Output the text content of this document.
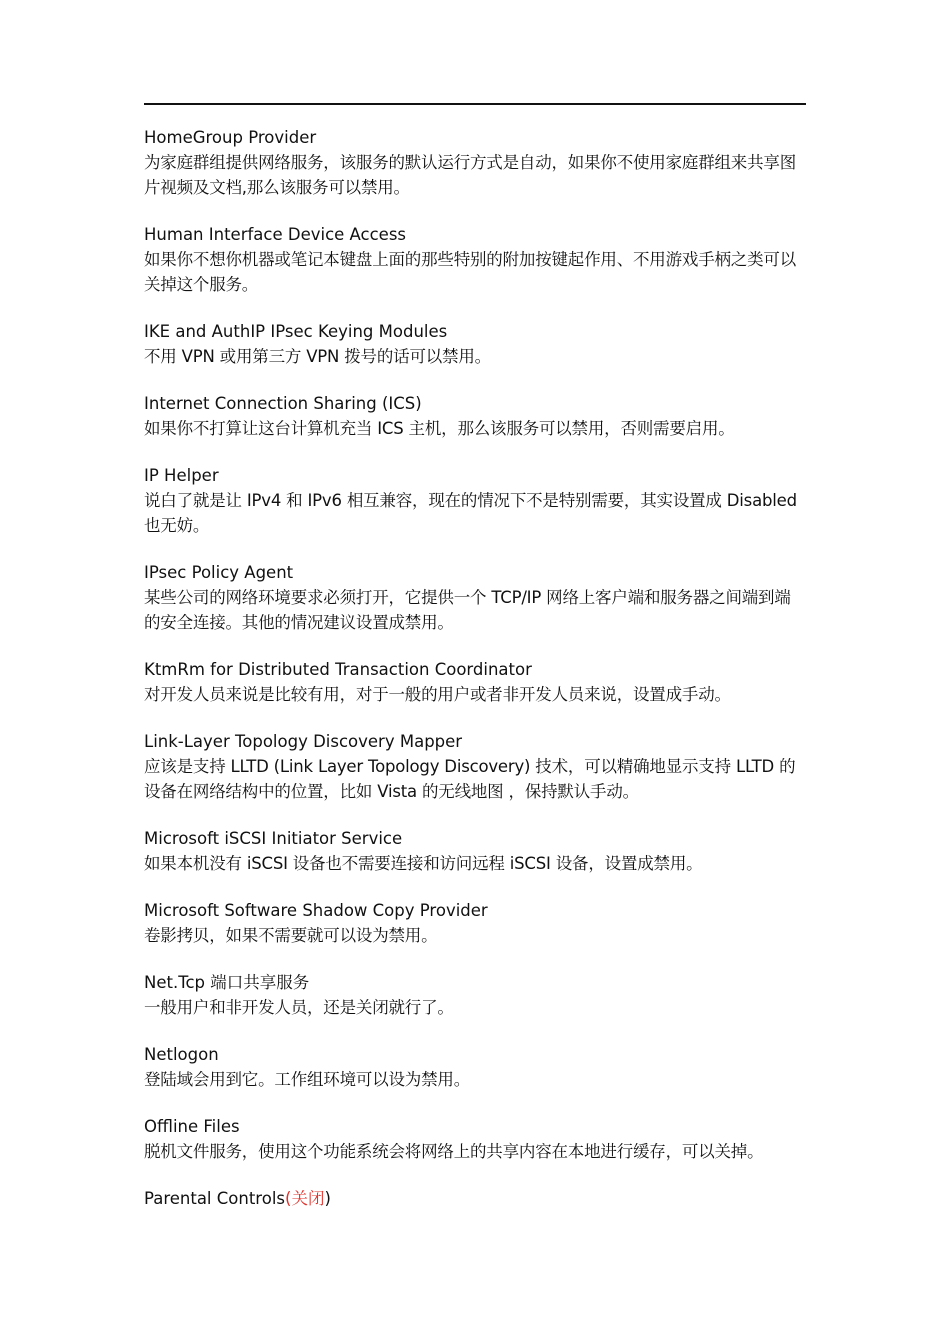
HomeGroup Provider
为家庭群组提供网络服务，该服务的默认运行方式是自动，如果你不使用家庭群组来共享图片视频及文档,那么该服务可以禁用。
Human Interface Device Access
如果你不想你机器或笔记本键盘上面的那些特别的附加按键起作用、不用游戏手柄之类可以关掉这个服务。
IKE and AuthIP IPsec Keying Modules
不用 VPN 或用第三方 VPN 拨号的话可以禁用。
Internet Connection Sharing (ICS)
如果你不打算让这台计算机充当 ICS 主机，那么该服务可以禁用，否则需要启用。
IP Helper
说白了就是让 IPv4 和 IPv6 相互兼容，现在的情况下不是特别需要，其实设置成 Disabled 也无妨。
IPsec Policy Agent
某些公司的网络环境要求必须打开，它提供一个 TCP/IP 网络上客户端和服务器之间端到端的安全连接。其他的情况建议设置成禁用。
KtmRm for Distributed Transaction Coordinator
对开发人员来说是比较有用，对于一般的用户或者非开发人员来说，设置成手动。
Link-Layer Topology Discovery Mapper
应该是支持 LLTD (Link Layer Topology Discovery) 技术，可以精确地显示支持 LLTD 的设备在网络结构中的位置，比如 Vista 的无线地图 ，保持默认手动。
Microsoft iSCSI Initiator Service
如果本机没有 iSCSI 设备也不需要连接和访问远程 iSCSI 设备，设置成禁用。
Microsoft Software Shadow Copy Provider
卷影拷贝，如果不需要就可以设为禁用。
Net.Tcp 端口共享服务
一般用户和非开发人员，还是关闭就行了。
Netlogon
登陆域会用到它。工作组环境可以设为禁用。
Offline Files
脱机文件服务，使用这个功能系统会将网络上的共享内容在本地进行缓存，可以关掉。
Parental Controls(关闭)
